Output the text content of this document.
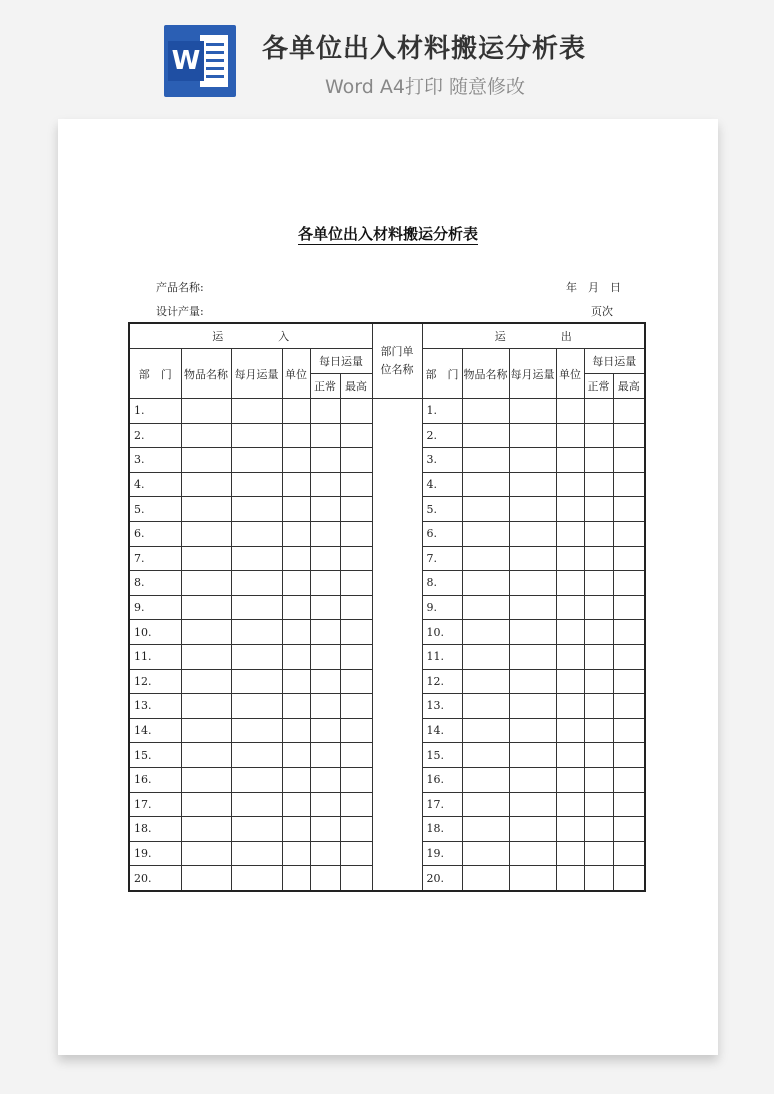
W 各单位出入材料搬运分析表
Word A4打印 随意修改
各单位出入材料搬运分析表
产品名称:
设计产量:
年　月　日
页次
运　　　　　入						部门单位名称	运　　　　　出					
部　门	物品名称	每月运量	单位	每日运量			部　门	物品名称	每月运量	单位	每日运量	
				正常	最高						正常	最高
1.							1.					
2.							2.					
3.							3.					
4.							4.					
5.							5.					
6.							6.					
7.							7.					
8.							8.					
9.							9.					
10.							10.					
11.							11.					
12.							12.					
13.							13.					
14.							14.					
15.							15.					
16.							16.					
17.							17.					
18.							18.					
19.							19.					
20.							20.					
